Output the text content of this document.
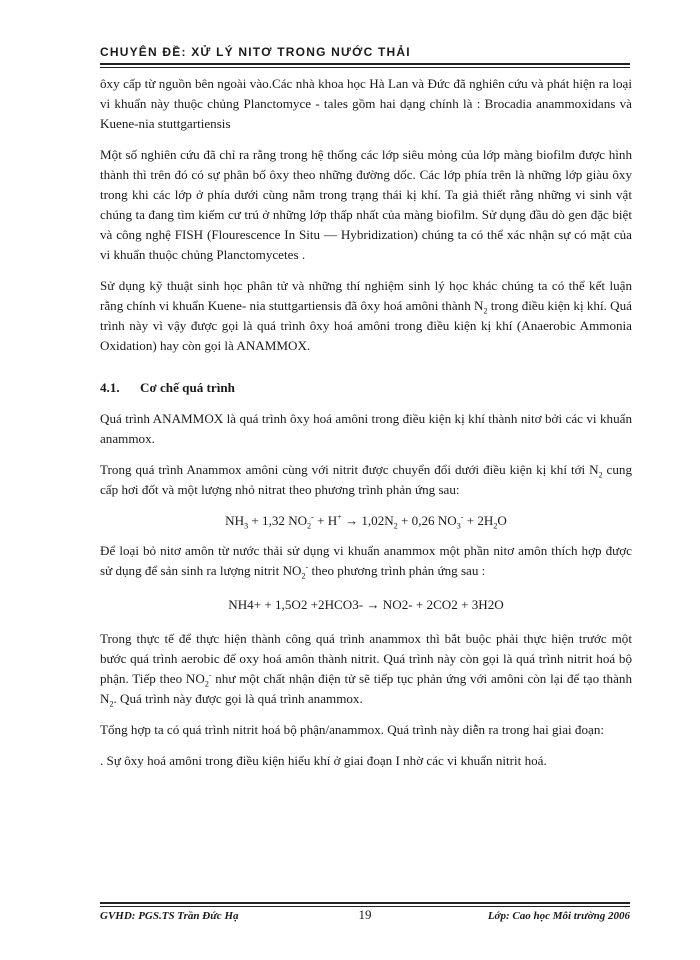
CHUYÊN ĐỀ: XỬ LÝ NITƠ TRONG NƯỚC THẢI

ôxy cấp từ nguồn bên ngoài vào.Các nhà khoa học Hà Lan và Đức đã nghiên cứu và phát hiện ra loại vi khuẩn này thuộc chủng Planctomyce - tales gồm hai dạng chính là : Brocadia anammoxidans và Kuene-nia stuttgartiensis

Một số nghiên cứu đã chỉ ra rằng trong hệ thống các lớp siêu mỏng của lớp màng biofilm được hình thành thì trên đó có sự phân bố ôxy theo những đường dốc. Các lớp phía trên là những lớp giàu ôxy trong khi các lớp ở phía dưới cùng nằm trong trạng thái kị khí. Ta giả thiết rằng những vi sinh vật chúng ta đang tìm kiếm cư trú ở những lớp thấp nhất của màng biofilm. Sử dụng đầu dò gen đặc biệt và công nghệ FISH (Flourescence In Situ — Hybridization) chúng ta có thể xác nhận sự có mặt của vi khuẩn thuộc chủng Planctomycetes .

Sử dụng kỹ thuật sinh học phân tử và những thí nghiệm sinh lý học khác chúng ta có thể kết luận rằng chính vi khuẩn Kuene- nia stuttgartiensis đã ôxy hoá amôni thành $N_2$ trong điều kiện kị khí. Quá trình này vì vậy được gọi là quá trình ôxy hoá amôni trong điều kiện kị khí (Anaerobic Ammonia Oxidation) hay còn gọi là ANAMMOX.

4.1. Cơ chế quá trình

Quá trình ANAMMOX là quá trình ôxy hoá amôni trong điều kiện kị khí thành nitơ bởi các vi khuẩn anammox.

Trong quá trình Anammox amôni cùng với nitrit được chuyển đổi dưới điều kiện kị khí tới $N_2$ cung cấp hơi đốt và một lượng nhỏ nitrat theo phương trình phản ứng sau:

$NH_3 + 1,32$ $NO_2^- + H^+ \to 1,02N_2 + 0,26$ $NO_3^- + 2H_2O$

Để loại bỏ nitơ amôn từ nước thải sử dụng vi khuẩn anammox một phần nitơ amôn thích hợp được sử dụng để sản sinh ra lượng nitrit $NO_2^-$ theo phương trình phản ứng sau :

NH4+ + 1,5O2 +2HCO3- → NO2- + 2CO2 + 3H2O

Trong thực tế để thực hiện thành công quá trình anammox thì bắt buộc phải thực hiện trước một bước quá trình aerobic để oxy hoá amôn thành nitrit. Quá trình này còn gọi là quá trình nitrit hoá bộ phận. Tiếp theo $NO_2^-$ như một chất nhận điện tử sẽ tiếp tục phản ứng với amôni còn lại để tạo thành $N_2$. Quá trình này được gọi là quá trình anammox.

Tổng hợp ta có quá trình nitrit hoá bộ phận/anammox. Quá trình này diễn ra trong hai giai đoạn:

. Sự ôxy hoá amôni trong điều kiện hiếu khí ở giai đoạn I nhờ các vi khuẩn nitrit hoá.

GVHD: PGS.TS Trần Đức Hạ	19	Lớp: Cao học Môi trường 2006
